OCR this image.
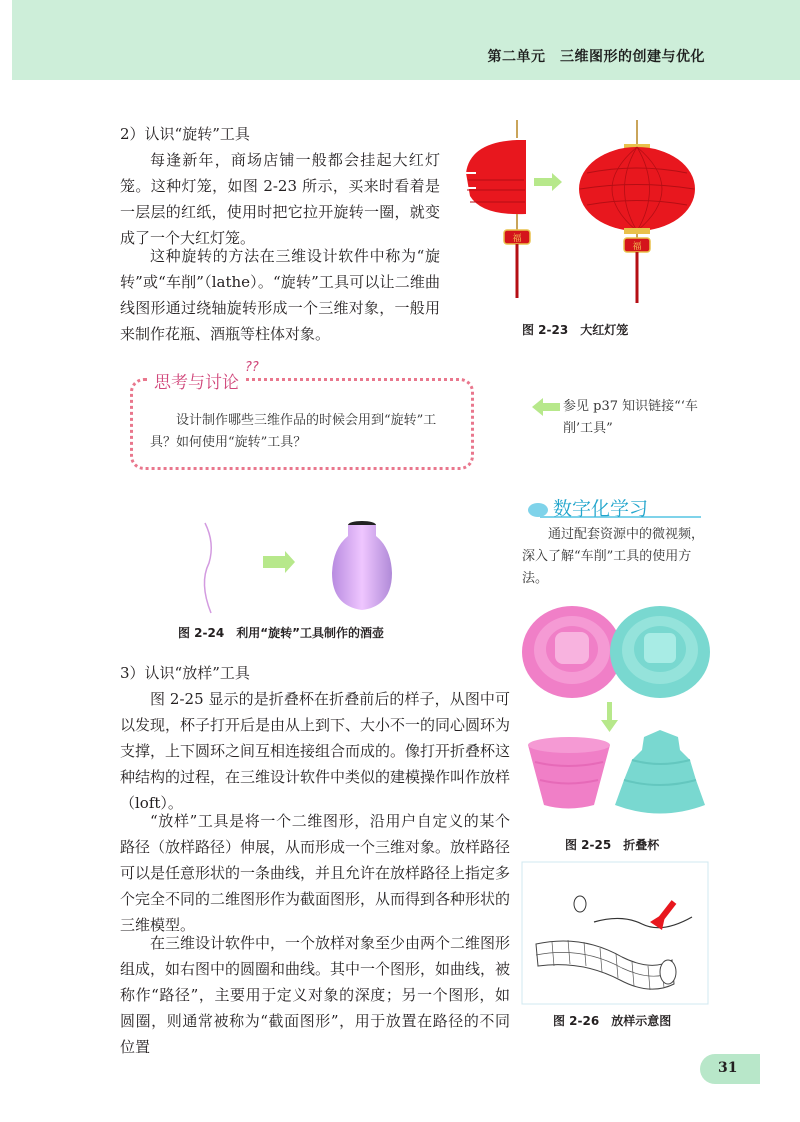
第二单元　三维图形的创建与优化

2）认识“旋转”工具

每逢新年，商场店铺一般都会挂起大红灯笼。这种灯笼，如图 2-23 所示，买来时看着是一层层的红纸，使用时把它拉开旋转一圈，就变成了一个大红灯笼。

这种旋转的方法在三维设计软件中称为“旋转”或“车削”（lathe）。“旋转”工具可以让二维曲线图形通过绕轴旋转形成一个三维对象，一般用来制作花瓶、酒瓶等柱体对象。

福
福
图 2-23　大红灯笼
思考与讨论
??

设计制作哪些三维作品的时候会用到“旋转”工具？如何使用“旋转”工具？

参见 p37 知识链接“‘车削’工具”

数字化学习

通过配套资源中的微视频，深入了解“车削”工具的使用方法。

图 2-24　利用“旋转”工具制作的酒壶

3）认识“放样”工具

图 2-25 显示的是折叠杯在折叠前后的样子，从图中可以发现，杯子打开后是由从上到下、大小不一的同心圆环为支撑，上下圆环之间互相连接组合而成的。像打开折叠杯这种结构的过程，在三维设计软件中类似的建模操作叫作放样（loft）。

“放样”工具是将一个二维图形，沿用户自定义的某个路径（放样路径）伸展，从而形成一个三维对象。放样路径可以是任意形状的一条曲线，并且允许在放样路径上指定多个完全不同的二维图形作为截面图形，从而得到各种形状的三维模型。

在三维设计软件中，一个放样对象至少由两个二维图形组成，如右图中的圆圈和曲线。其中一个图形，如曲线，被称作“路径”，主要用于定义对象的深度；另一个图形，如圆圈，则通常被称为“截面图形”，用于放置在路径的不同位置

图 2-25　折叠杯
图 2-26　放样示意图
31
